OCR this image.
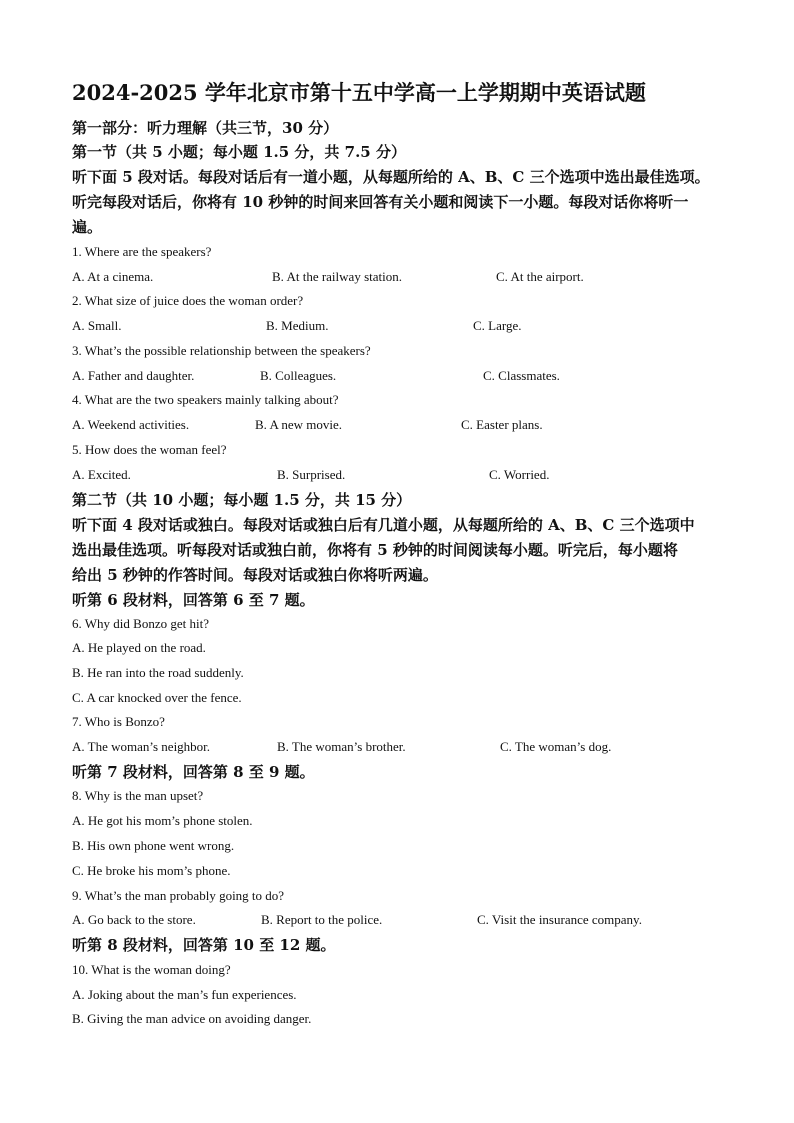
2024-2025 学年北京市第十五中学高一上学期期中英语试题
第一部分：听力理解（共三节，30 分）
第一节（共 5 小题；每小题 1.5 分，共 7.5 分）
听下面 5 段对话。每段对话后有一道小题，从每题所给的 A、B、C 三个选项中选出最佳选项。
听完每段对话后，你将有 10 秒钟的时间来回答有关小题和阅读下一小题。每段对话你将听一
遍。
1. Where are the speakers?
A. At a cinema.	B. At the railway station.	C. At the airport.
2. What size of juice does the woman order?
A. Small.	B. Medium.	C. Large.
3. What’s the possible relationship between the speakers?
A. Father and daughter.	B. Colleagues.	C. Classmates.
4. What are the two speakers mainly talking about?
A. Weekend activities.	B. A new movie.	C. Easter plans.
5. How does the woman feel?
A. Excited.	B. Surprised.	C. Worried.
第二节（共 10 小题；每小题 1.5 分，共 15 分）
听下面 4 段对话或独白。每段对话或独白后有几道小题，从每题所给的 A、B、C 三个选项中
选出最佳选项。听每段对话或独白前，你将有 5 秒钟的时间阅读每小题。听完后，每小题将
给出 5 秒钟的作答时间。每段对话或独白你将听两遍。
听第 6 段材料，回答第 6 至 7 题。
6. Why did Bonzo get hit?
A. He played on the road.
B. He ran into the road suddenly.
C. A car knocked over the fence.
7. Who is Bonzo?
A. The woman’s neighbor.	B. The woman’s brother.	C. The woman’s dog.
听第 7 段材料，回答第 8 至 9 题。
8. Why is the man upset?
A. He got his mom’s phone stolen.
B. His own phone went wrong.
C. He broke his mom’s phone.
9. What’s the man probably going to do?
A. Go back to the store.	B. Report to the police.	C. Visit the insurance company.
听第 8 段材料，回答第 10 至 12 题。
10. What is the woman doing?
A. Joking about the man’s fun experiences.
B. Giving the man advice on avoiding danger.
